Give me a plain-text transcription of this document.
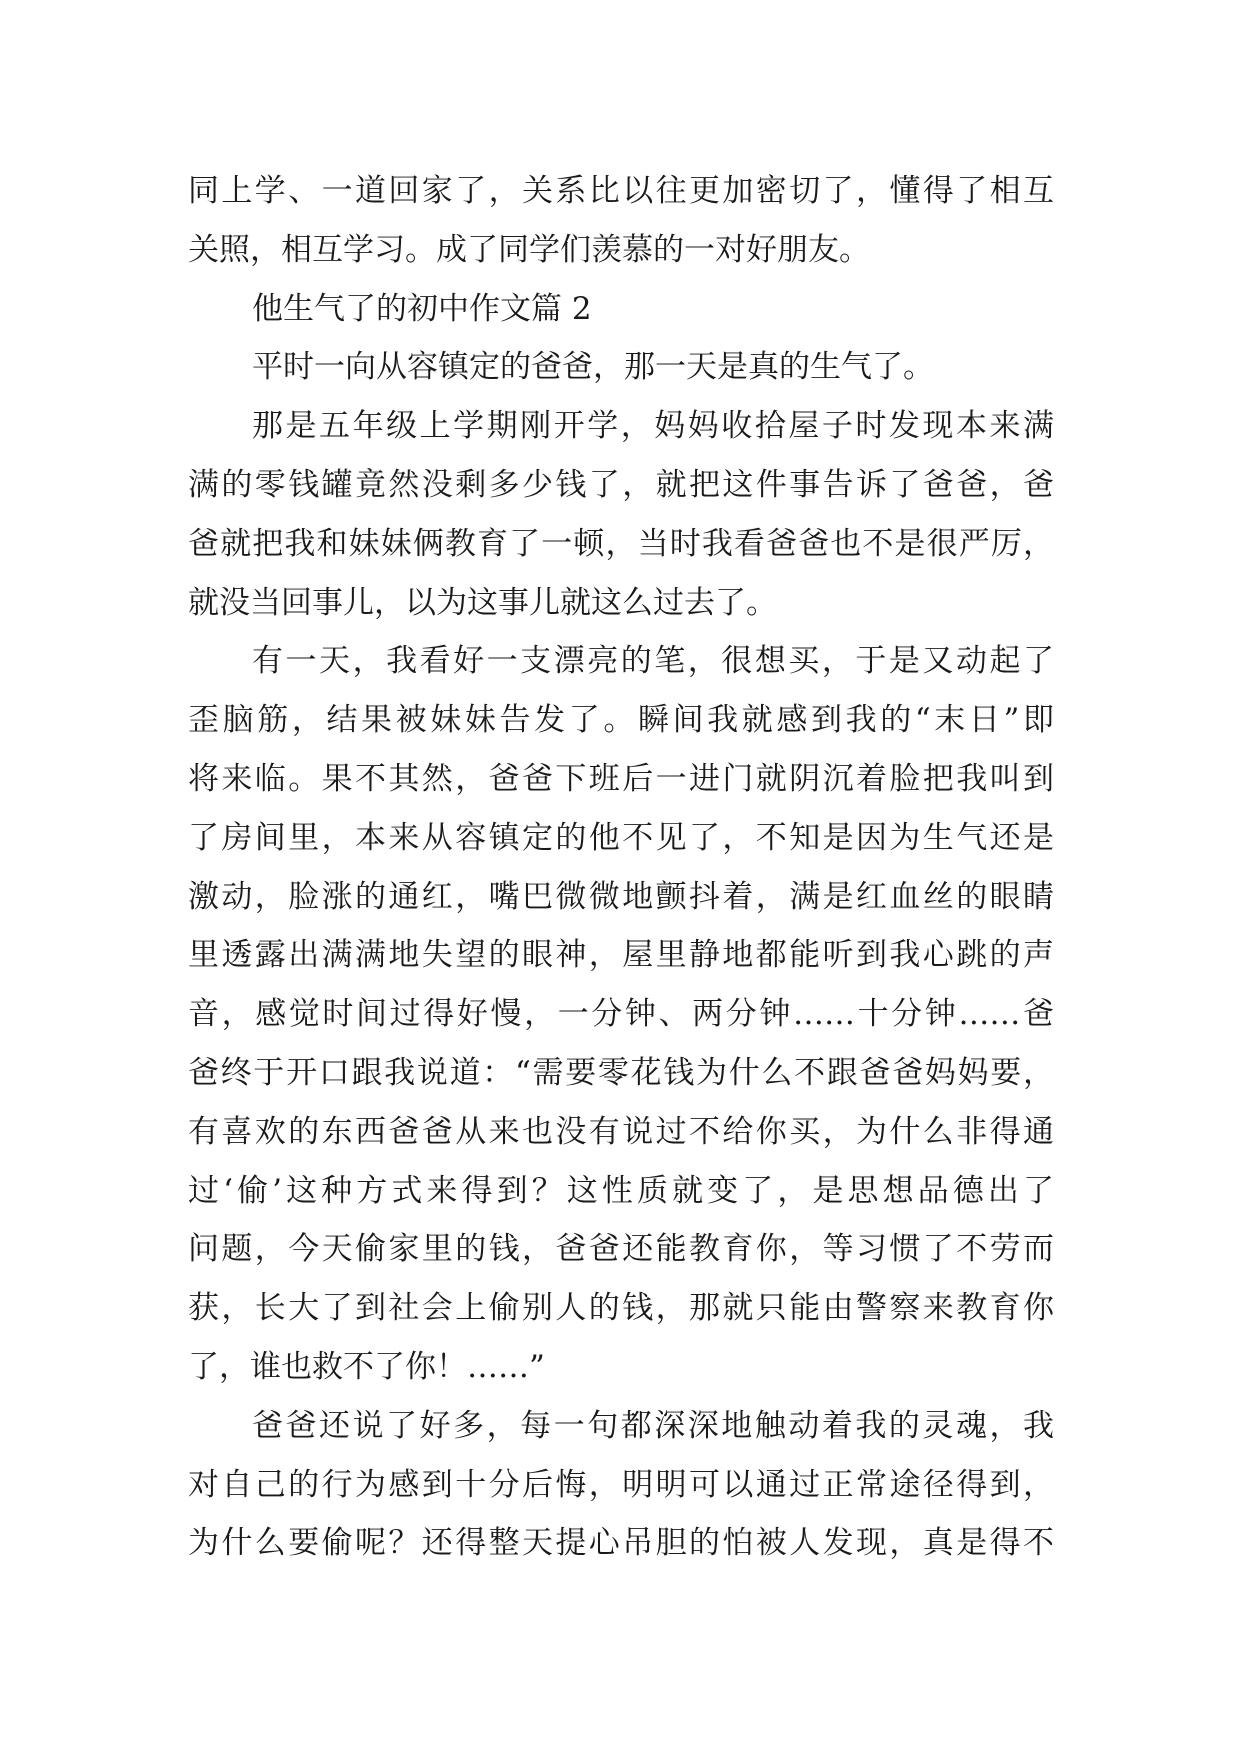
同上学、一道回家了，关系比以往更加密切了，懂得了相互
关照，相互学习。成了同学们羡慕的一对好朋友。
他生气了的初中作文篇 2
平时一向从容镇定的爸爸，那一天是真的生气了。
那是五年级上学期刚开学，妈妈收拾屋子时发现本来满
满的零钱罐竟然没剩多少钱了，就把这件事告诉了爸爸，爸
爸就把我和妹妹俩教育了一顿，当时我看爸爸也不是很严厉，
就没当回事儿，以为这事儿就这么过去了。
有一天，我看好一支漂亮的笔，很想买，于是又动起了
歪脑筋，结果被妹妹告发了。瞬间我就感到我的“末日”即
将来临。果不其然，爸爸下班后一进门就阴沉着脸把我叫到
了房间里，本来从容镇定的他不见了，不知是因为生气还是
激动，脸涨的通红，嘴巴微微地颤抖着，满是红血丝的眼睛
里透露出满满地失望的眼神，屋里静地都能听到我心跳的声
音，感觉时间过得好慢，一分钟、两分钟……十分钟……爸
爸终于开口跟我说道：“需要零花钱为什么不跟爸爸妈妈要，
有喜欢的东西爸爸从来也没有说过不给你买，为什么非得通
过‘偷’这种方式来得到？这性质就变了，是思想品德出了
问题，今天偷家里的钱，爸爸还能教育你，等习惯了不劳而
获，长大了到社会上偷别人的钱，那就只能由警察来教育你
了，谁也救不了你！……”
爸爸还说了好多，每一句都深深地触动着我的灵魂，我
对自己的行为感到十分后悔，明明可以通过正常途径得到，
为什么要偷呢？还得整天提心吊胆的怕被人发现，真是得不
